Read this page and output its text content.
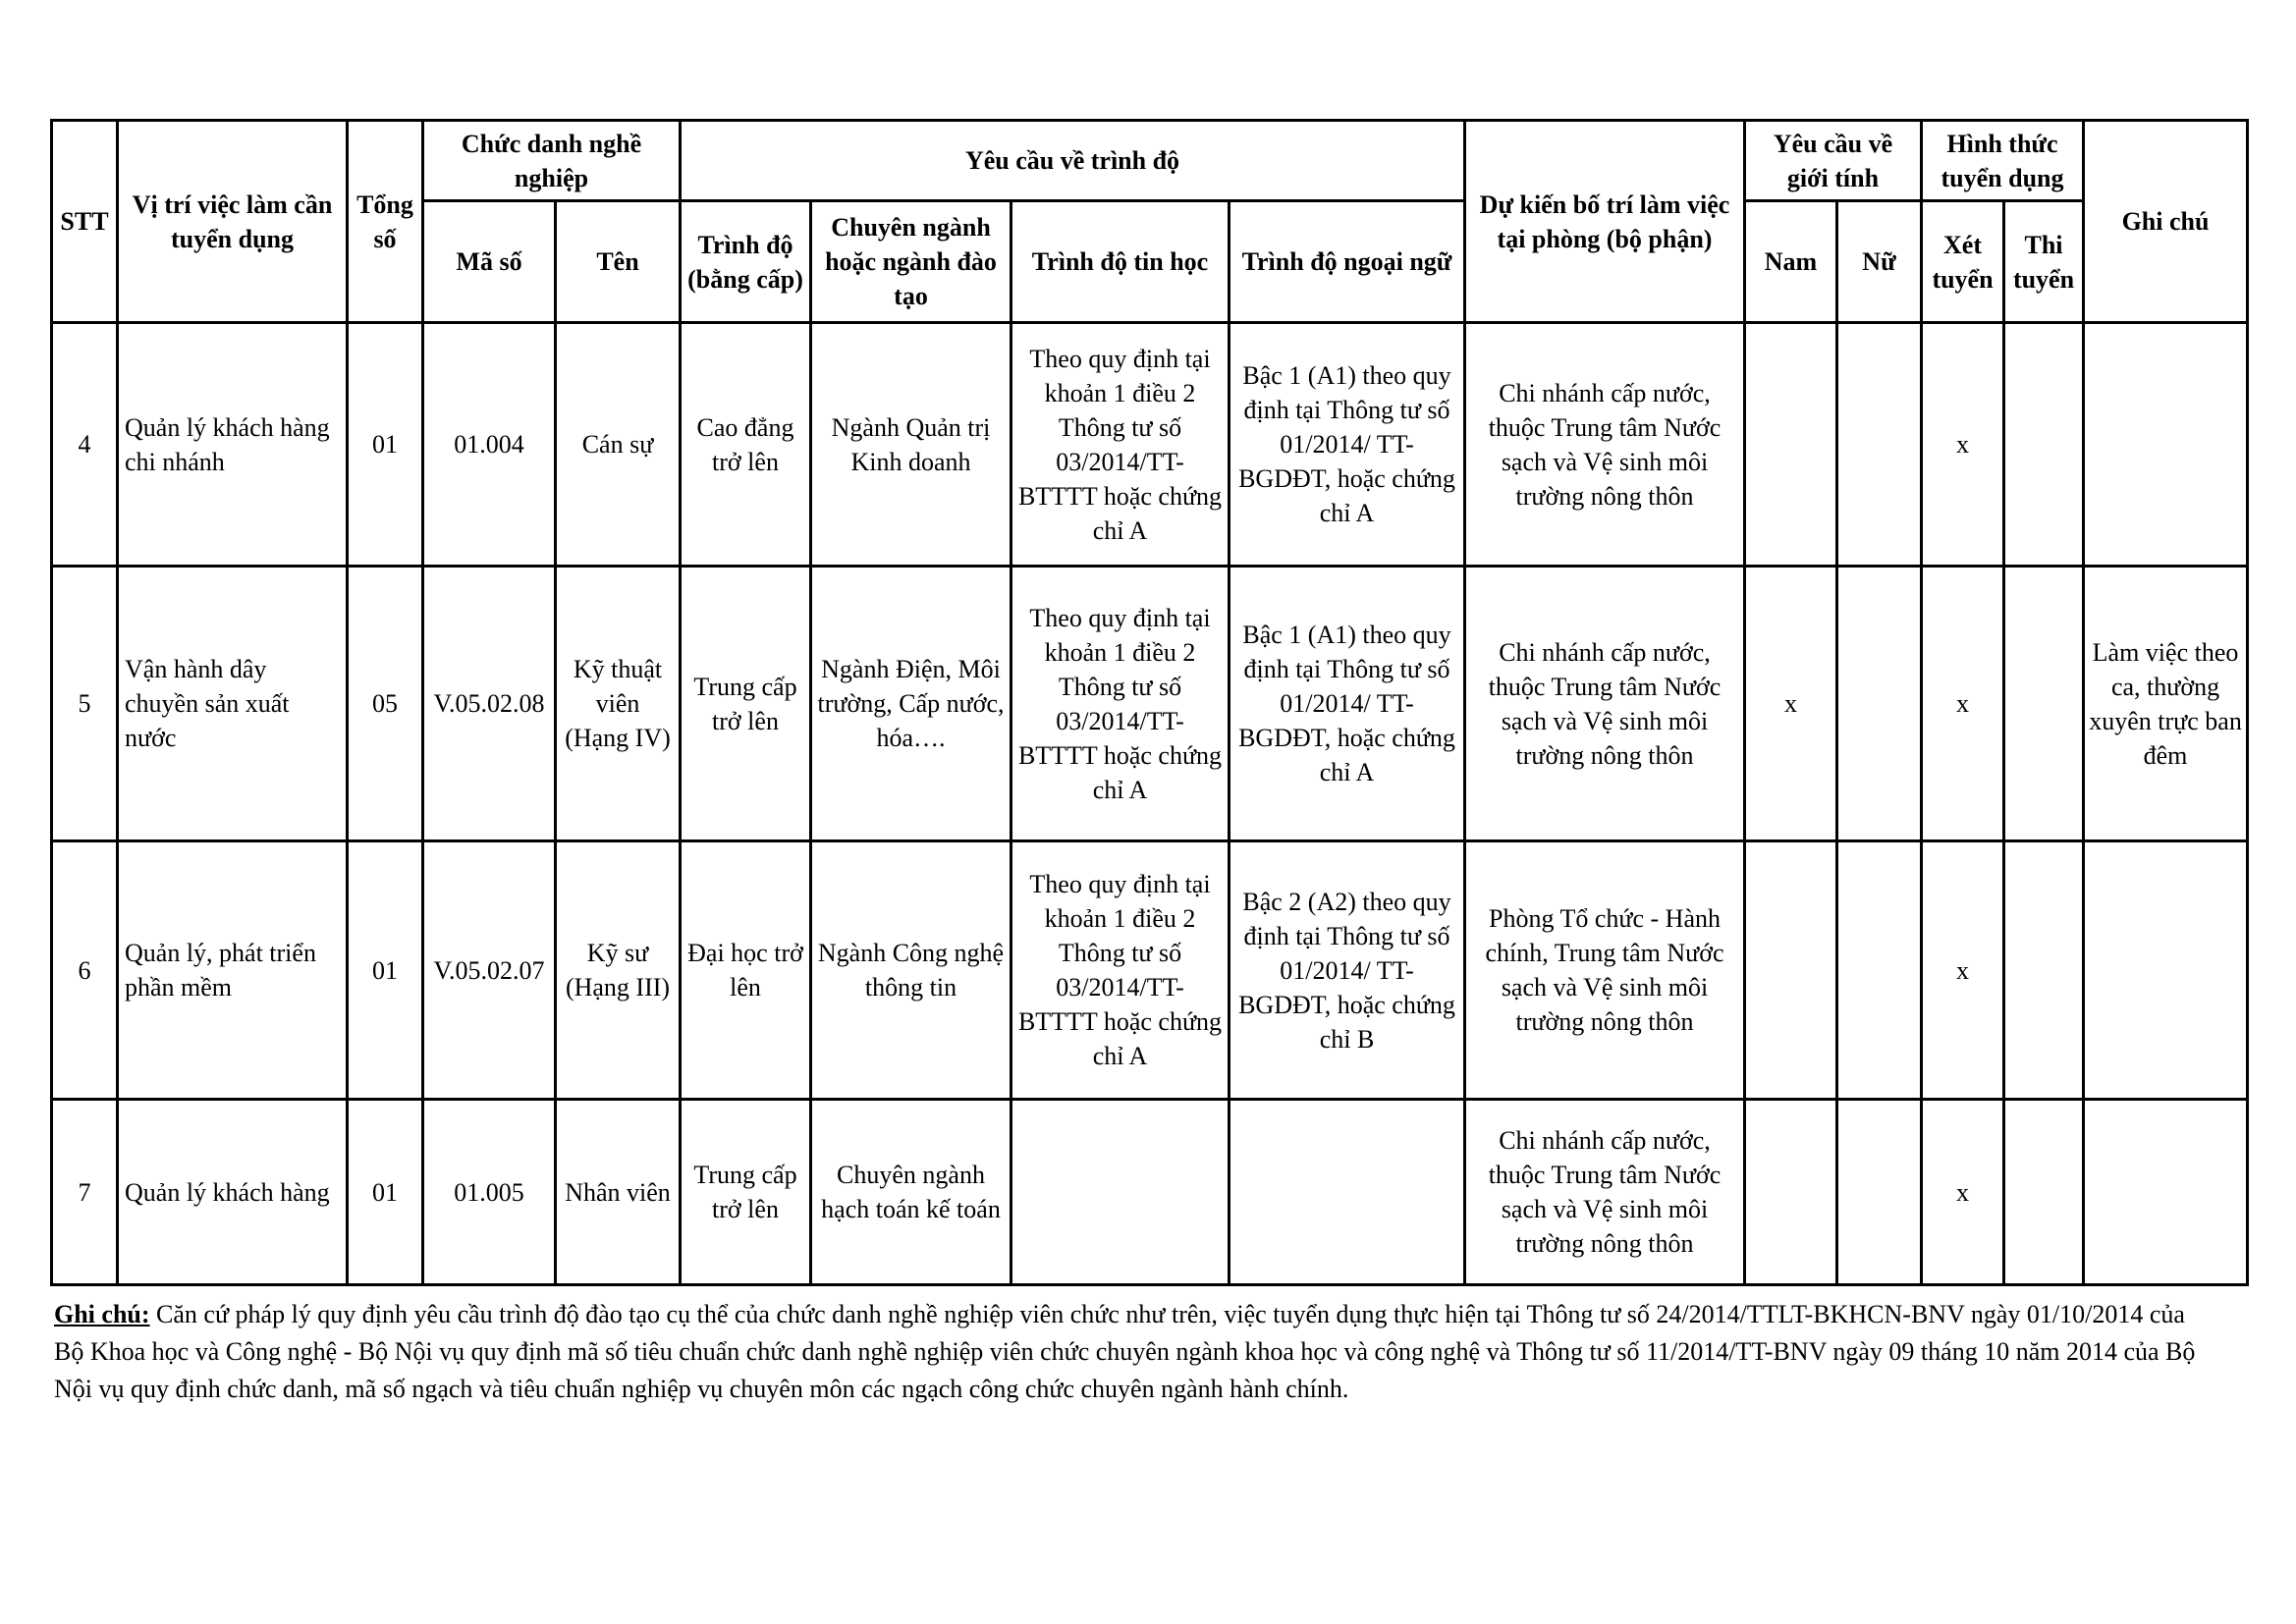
STT	Vị trí việc làm cần tuyển dụng	Tổng số	Chức danh nghề nghiệp		Yêu cầu về trình độ				Dự kiến bố trí làm việc tại phòng (bộ phận)	Yêu cầu về giới tính		Hình thức tuyển dụng		Ghi chú
			Mã số	Tên	Trình độ (bằng cấp)	Chuyên ngành hoặc ngành đào tạo	Trình độ tin học	Trình độ ngoại ngữ		Nam	Nữ	Xét tuyển	Thi tuyển	
4	Quản lý khách hàng chi nhánh	01	01.004	Cán sự	Cao đẳng trở lên	Ngành Quản trị Kinh doanh	Theo quy định tại khoản 1 điều 2 Thông tư số 03/2014/TT-BTTTT hoặc chứng chỉ A	Bậc 1 (A1) theo quy định tại Thông tư số 01/2014/ TT-BGDĐT, hoặc chứng chỉ A	Chi nhánh cấp nước, thuộc Trung tâm Nước sạch và Vệ sinh môi trường nông thôn			x		
5	Vận hành dây chuyền sản xuất nước	05	V.05.02.08	Kỹ thuật viên (Hạng IV)	Trung cấp trở lên	Ngành Điện, Môi trường, Cấp nước, hóa….	Theo quy định tại khoản 1 điều 2 Thông tư số 03/2014/TT-BTTTT hoặc chứng chỉ A	Bậc 1 (A1) theo quy định tại Thông tư số 01/2014/ TT-BGDĐT, hoặc chứng chỉ A	Chi nhánh cấp nước, thuộc Trung tâm Nước sạch và Vệ sinh môi trường nông thôn	x		x		Làm việc theo ca, thường xuyên trực ban đêm
6	Quản lý, phát triển phần mềm	01	V.05.02.07	Kỹ sư (Hạng III)	Đại học trở lên	Ngành Công nghệ thông tin	Theo quy định tại khoản 1 điều 2 Thông tư số 03/2014/TT-BTTTT hoặc chứng chỉ A	Bậc 2 (A2) theo quy định tại Thông tư số 01/2014/ TT-BGDĐT, hoặc chứng chỉ B	Phòng Tổ chức - Hành chính, Trung tâm Nước sạch và Vệ sinh môi trường nông thôn			x		
7	Quản lý khách hàng	01	01.005	Nhân viên	Trung cấp trở lên	Chuyên ngành hạch toán kế toán			Chi nhánh cấp nước, thuộc Trung tâm Nước sạch và Vệ sinh môi trường nông thôn			x		
Ghi chú: Căn cứ pháp lý quy định yêu cầu trình độ đào tạo cụ thể của chức danh nghề nghiệp viên chức như trên, việc tuyển dụng thực hiện tại Thông tư số 24/2014/TTLT-BKHCN-BNV ngày 01/10/2014 của Bộ Khoa học và Công nghệ - Bộ Nội vụ quy định mã số tiêu chuẩn chức danh nghề nghiệp viên chức chuyên ngành khoa học và công nghệ và Thông tư số 11/2014/TT-BNV ngày 09 tháng 10 năm 2014 của Bộ Nội vụ quy định chức danh, mã số ngạch và tiêu chuẩn nghiệp vụ chuyên môn các ngạch công chức chuyên ngành hành chính.
